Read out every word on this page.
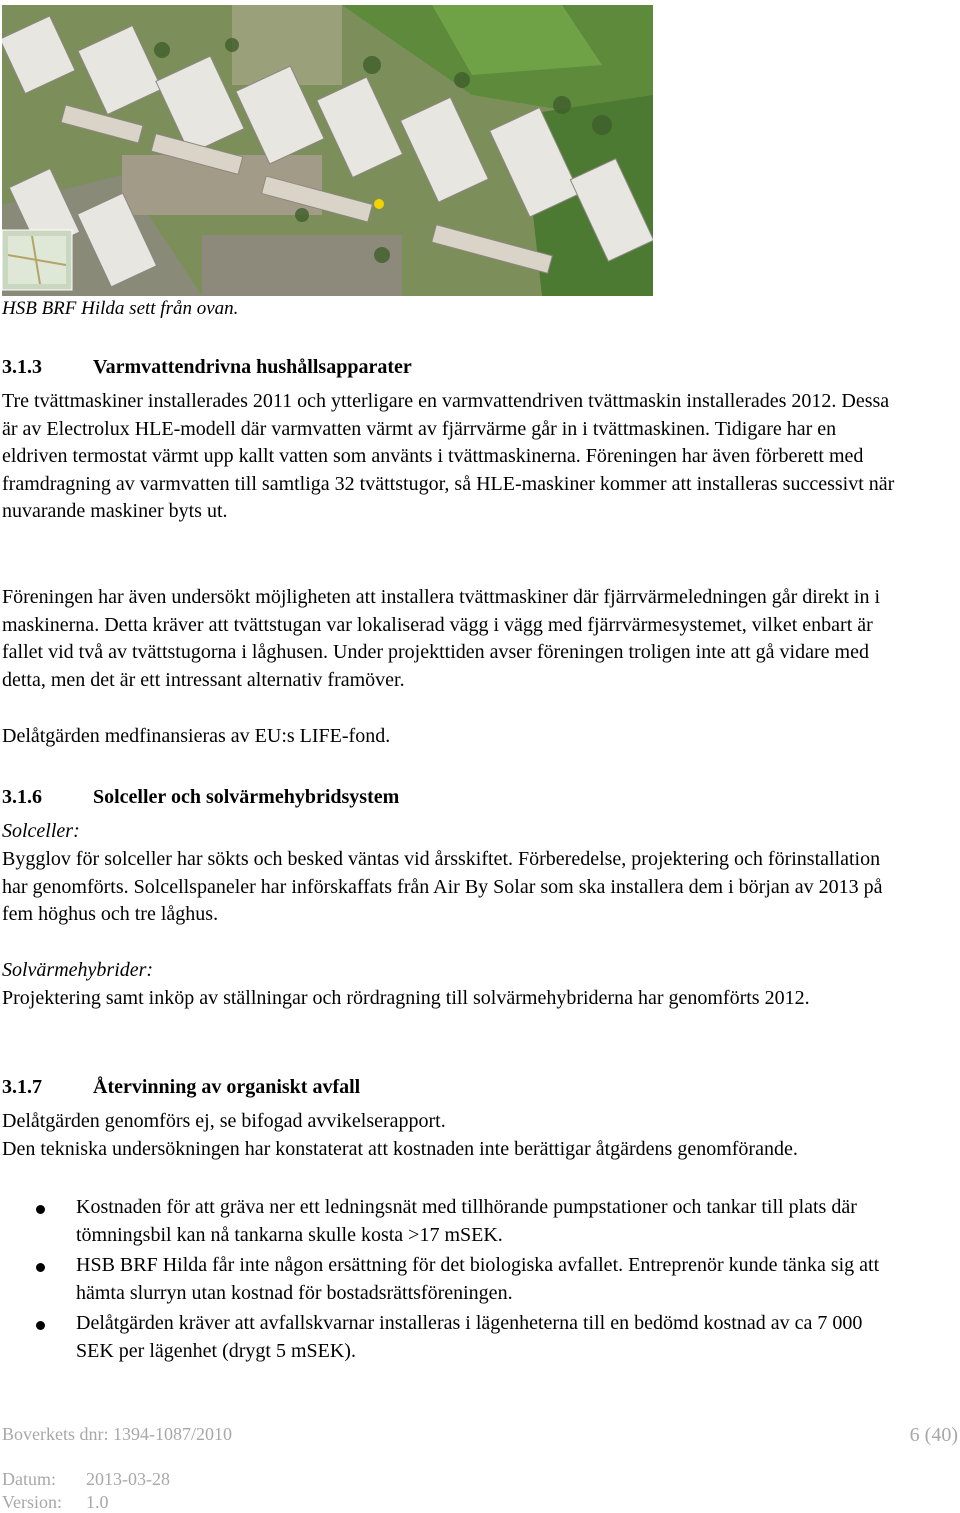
HSB BRF Hilda sett från ovan.
3.1.3	Varmvattendrivna hushållsapparater
Tre tvättmaskiner installerades 2011 och ytterligare en varmvattendriven tvättmaskin installerades 2012. Dessa är av Electrolux HLE-modell där varmvatten värmt av fjärrvärme går in i tvättmaskinen. Tidigare har en eldriven termostat värmt upp kallt vatten som använts i tvättmaskinerna. Föreningen har även förberett med framdragning av varmvatten till samtliga 32 tvättstugor, så HLE-maskiner kommer att installeras successivt när nuvarande maskiner byts ut.
Föreningen har även undersökt möjligheten att installera tvättmaskiner där fjärrvärmeledningen går direkt in i maskinerna. Detta kräver att tvättstugan var lokaliserad vägg i vägg med fjärrvärmesystemet, vilket enbart är fallet vid två av tvättstugorna i låghusen. Under projekttiden avser föreningen troligen inte att gå vidare med detta, men det är ett intressant alternativ framöver.
Delåtgärden medfinansieras av EU:s LIFE-fond.
3.1.6	Solceller och solvärmehybridsystem
Solceller:
Bygglov för solceller har sökts och besked väntas vid årsskiftet. Förberedelse, projektering och förinstallation har genomförts. Solcellspaneler har införskaffats från Air By Solar som ska installera dem i början av 2013 på fem höghus och tre låghus.
Solvärmehybrider:
Projektering samt inköp av ställningar och rördragning till solvärmehybriderna har genomförts 2012.
3.1.7	Återvinning av organiskt avfall
Delåtgärden genomförs ej, se bifogad avvikelserapport.
Den tekniska undersökningen har konstaterat att kostnaden inte berättigar åtgärdens genomförande.
Kostnaden för att gräva ner ett ledningsnät med tillhörande pumpstationer och tankar till plats där tömningsbil kan nå tankarna skulle kosta >17 mSEK.
HSB BRF Hilda får inte någon ersättning för det biologiska avfallet. Entreprenör kunde tänka sig att hämta slurryn utan kostnad för bostadsrättsföreningen.
Delåtgärden kräver att avfallskvarnar installeras i lägenheterna till en bedömd kostnad av ca 7 000 SEK per lägenhet (drygt 5 mSEK).
Boverkets dnr: 1394-1087/2010	6 (40)
Datum: 2013-03-28
Version: 1.0
